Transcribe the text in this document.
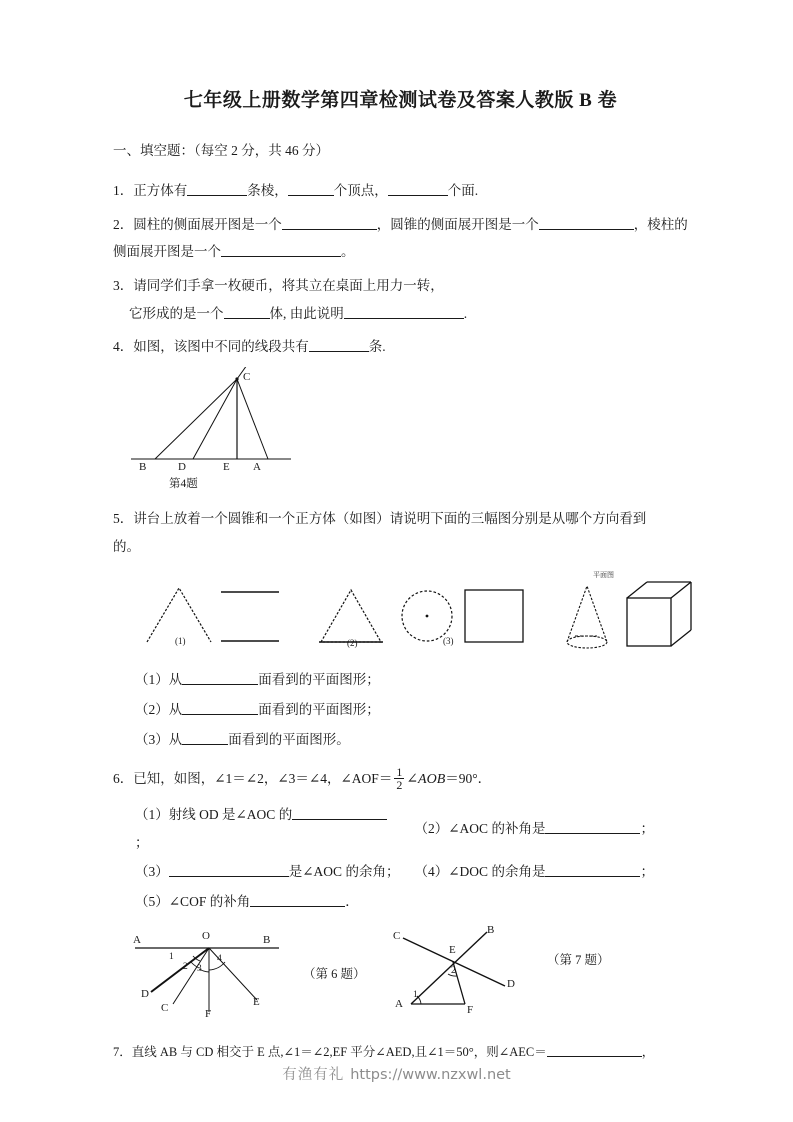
七年级上册数学第四章检测试卷及答案人教版 B 卷

一、填空题：（每空 2 分，共 46 分）

1．正方体有	条棱，	个顶点，	个面.

2．圆柱的侧面展开图是一个	，圆锥的侧面展开图是一个	，棱柱的
侧面展开图是一个	。

3．请同学们手拿一枚硬币，将其立在桌面上用力一转，
它形成的是一个	体, 由此说明	.

4．如图，该图中不同的线段共有	条.

C
B	D	E A
第4题

5．讲台上放着一个圆锥和一个正方体（如图）请说明下面的三幅图分别是从哪个方向看到
的。

(1)	(2)	(3)
平面图

（1）从	面看到的平面图形；

（2）从	面看到的平面图形；

（3）从	面看到的平面图形。

6．已知，如图，∠1＝∠2，∠3＝∠4，∠AOF＝ $\frac{1}{2}$ ∠AOB＝90°．

（1）射线 OD 是∠AOC 的；	（2）∠AOC 的补角是 ；

（3） 是∠AOC 的余角；	（4）∠DOC 的余角是 ；

（5）∠COF 的补角	．

A	O	B
1
2 3
4
D
C	F
E
（第 6 题）
C	B
E
D
A	F
1
2
（第 7 题）

7．直线 AB 与 CD 相交于 E 点,∠1＝∠2,EF 平分∠AED,且∠1＝50°，则∠AEC＝	，

有渔有礼 https://www.nzxwl.net
